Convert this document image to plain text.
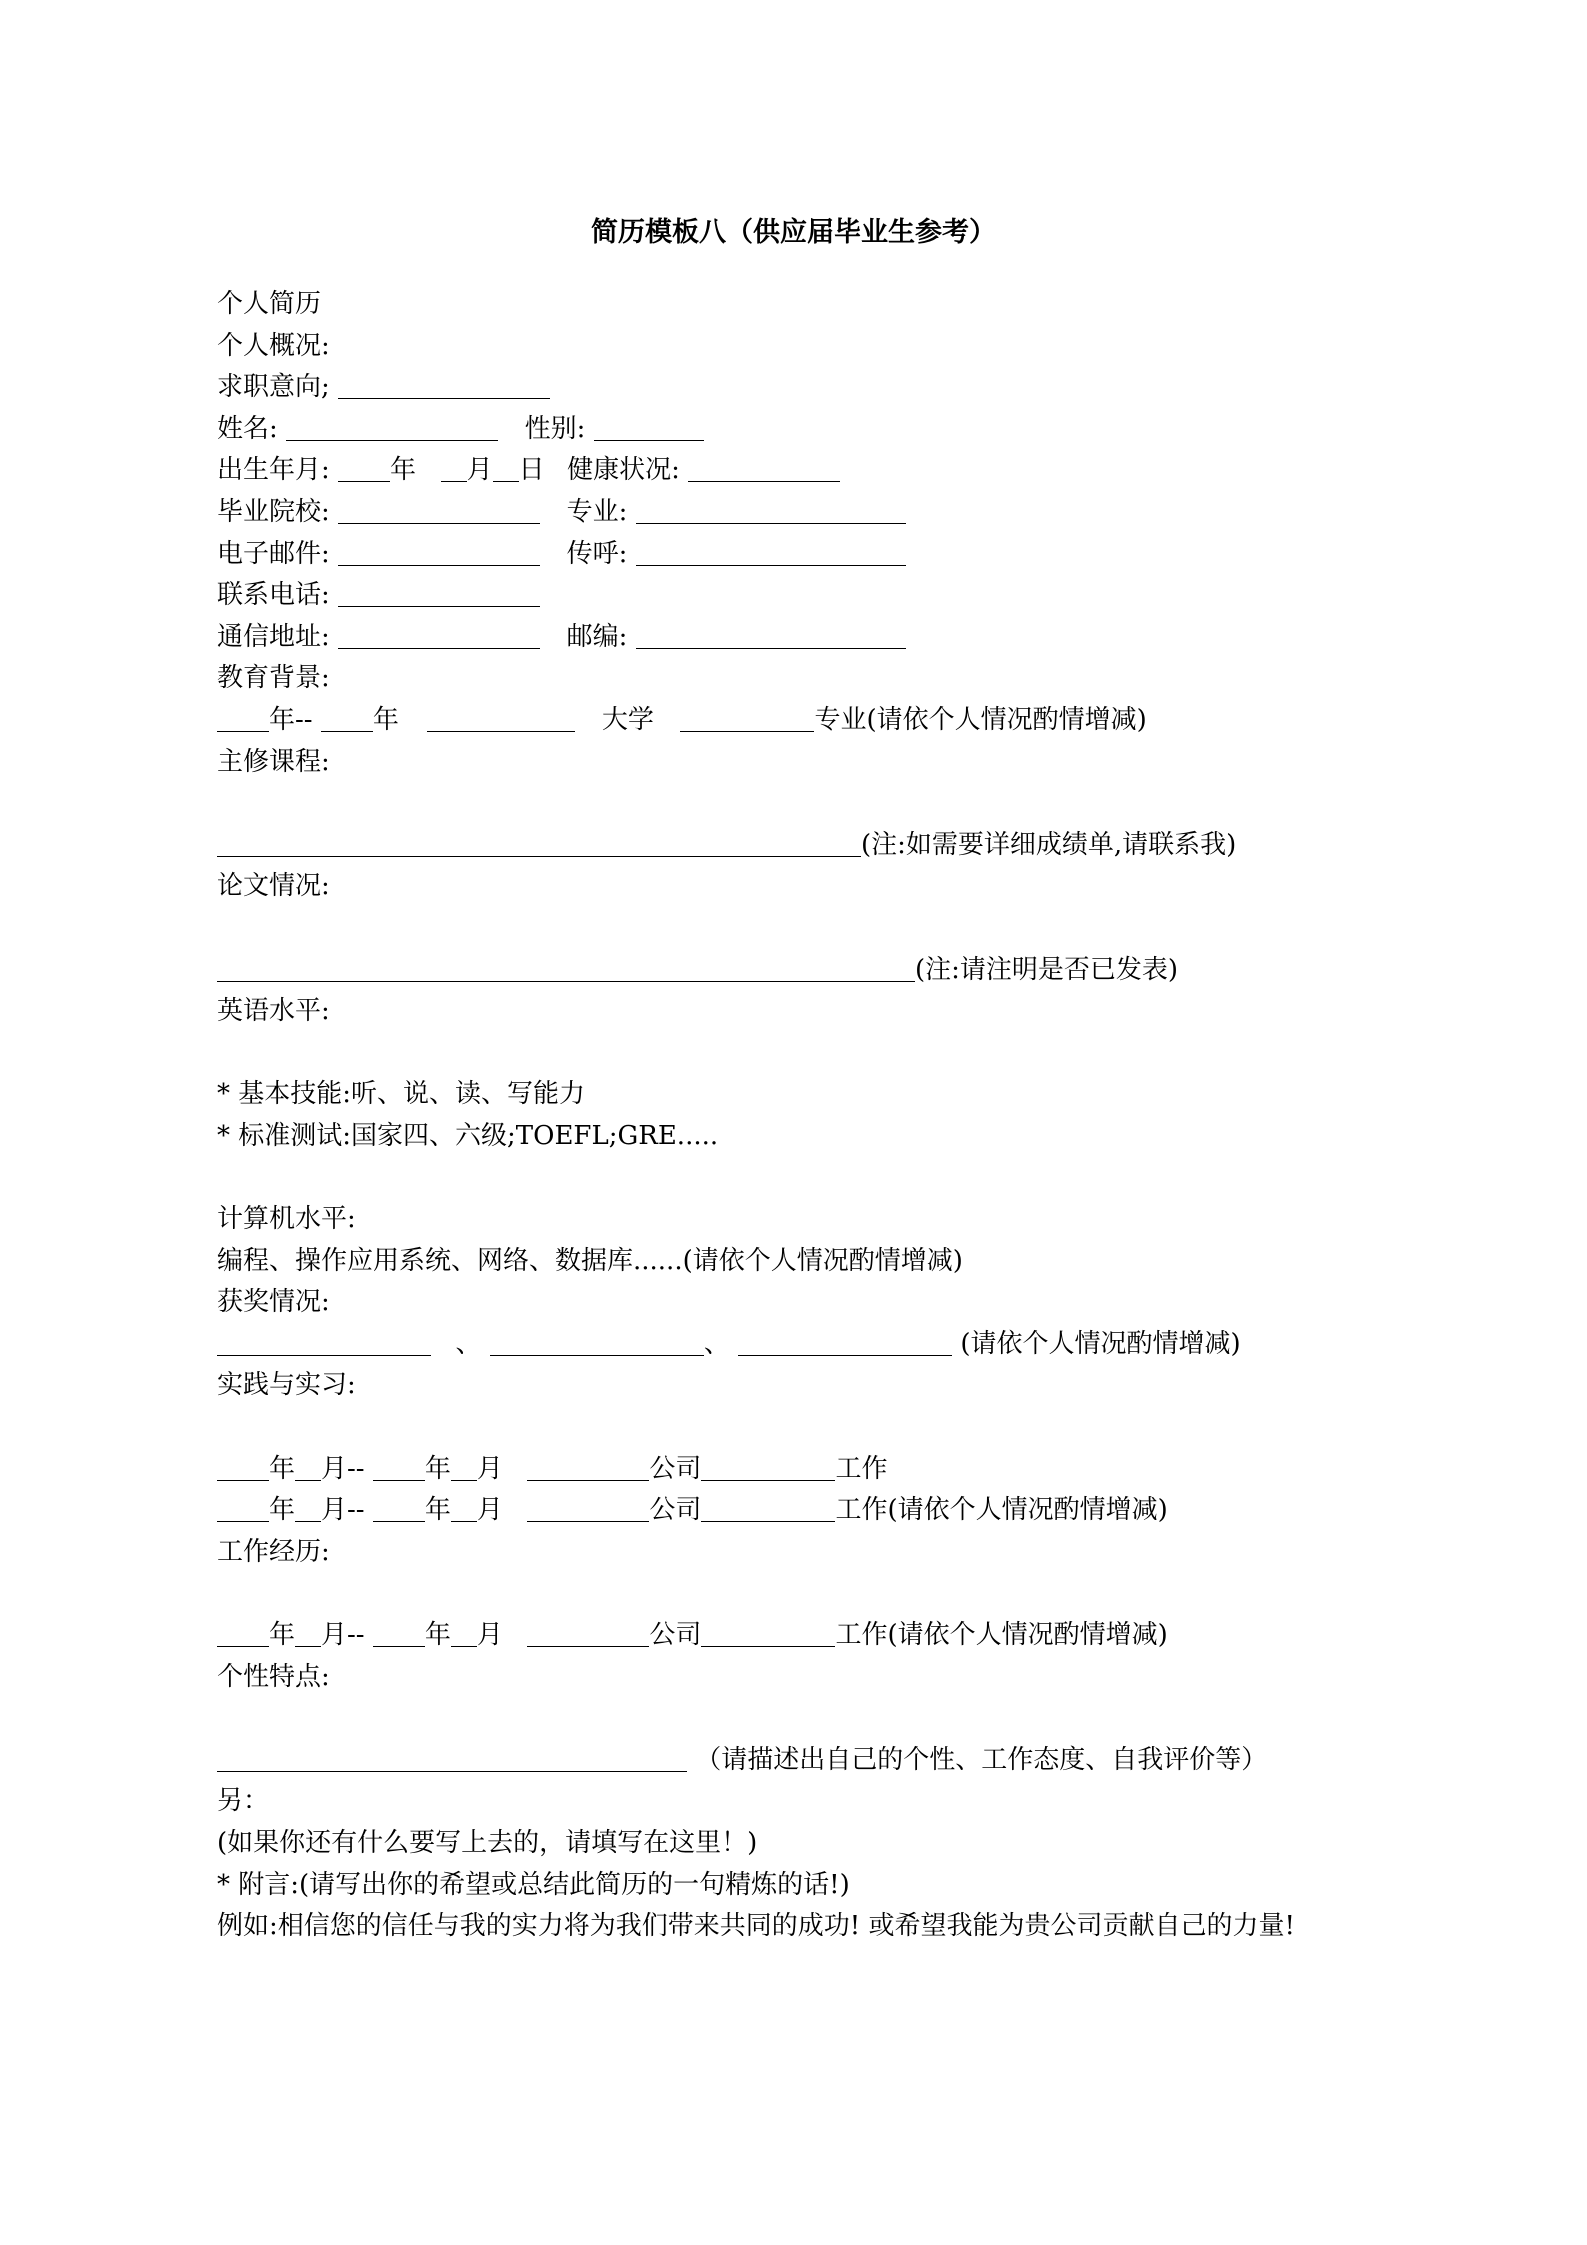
简历模板八（供应届毕业生参考）
个人简历
个人概况:
求职意向;
姓名:	性别:
出生年月: 年 月 日 健康状况:
毕业院校:	专业:
电子邮件:	传呼:
联系电话:
通信地址:	邮编:
教育背景:
年-- 年	大学	专业(请依个人情况酌情增减)
主修课程:
(注:如需要详细成绩单,请联系我)
论文情况:
(注:请注明是否已发表)
英语水平:
* 基本技能:听、说、读、写能力
* 标准测试:国家四、六级;TOEFL;GRE.....
计算机水平:
编程、操作应用系统、网络、数据库......(请依个人情况酌情增减)
获奖情况:
、	、	(请依个人情况酌情增减)
实践与实习:
年 月-- 年 月	公司	工作
年 月-- 年 月	公司	工作(请依个人情况酌情增减)
工作经历:
年 月-- 年 月	公司	工作(请依个人情况酌情增减)
个性特点:
（请描述出自己的个性、工作态度、自我评价等）
另：
(如果你还有什么要写上去的，请填写在这里！)
* 附言:(请写出你的希望或总结此简历的一句精炼的话!)
例如:相信您的信任与我的实力将为我们带来共同的成功! 或希望我能为贵公司贡献自己的力量!
